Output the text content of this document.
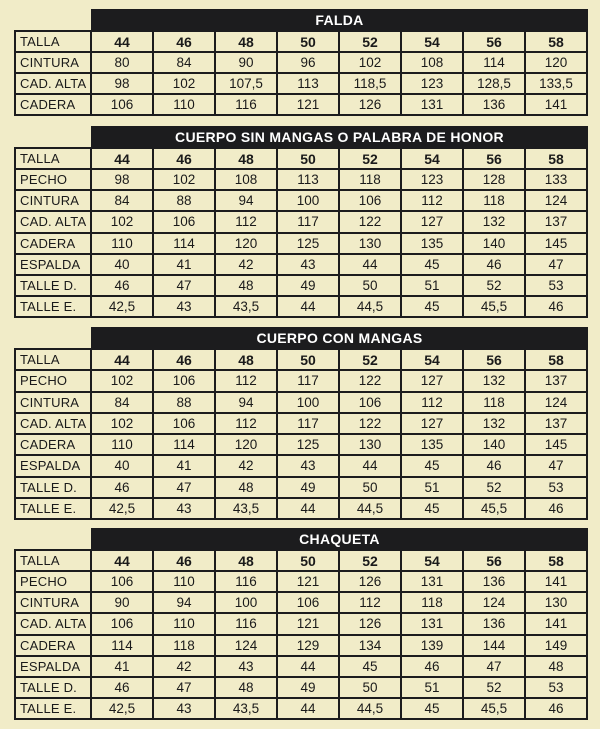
FALDA
TALLA	44	46	48	50	52	54	56	58
CINTURA	80	84	90	96	102	108	114	120
CAD. ALTA	98	102	107,5	113	118,5	123	128,5	133,5
CADERA	106	110	116	121	126	131	136	141
CUERPO SIN MANGAS O PALABRA DE HONOR
TALLA	44	46	48	50	52	54	56	58
PECHO	98	102	108	113	118	123	128	133
CINTURA	84	88	94	100	106	112	118	124
CAD. ALTA	102	106	112	117	122	127	132	137
CADERA	110	114	120	125	130	135	140	145
ESPALDA	40	41	42	43	44	45	46	47
TALLE D.	46	47	48	49	50	51	52	53
TALLE E.	42,5	43	43,5	44	44,5	45	45,5	46
CUERPO CON MANGAS
TALLA	44	46	48	50	52	54	56	58
PECHO	102	106	112	117	122	127	132	137
CINTURA	84	88	94	100	106	112	118	124
CAD. ALTA	102	106	112	117	122	127	132	137
CADERA	110	114	120	125	130	135	140	145
ESPALDA	40	41	42	43	44	45	46	47
TALLE D.	46	47	48	49	50	51	52	53
TALLE E.	42,5	43	43,5	44	44,5	45	45,5	46
CHAQUETA
TALLA	44	46	48	50	52	54	56	58
PECHO	106	110	116	121	126	131	136	141
CINTURA	90	94	100	106	112	118	124	130
CAD. ALTA	106	110	116	121	126	131	136	141
CADERA	114	118	124	129	134	139	144	149
ESPALDA	41	42	43	44	45	46	47	48
TALLE D.	46	47	48	49	50	51	52	53
TALLE E.	42,5	43	43,5	44	44,5	45	45,5	46
